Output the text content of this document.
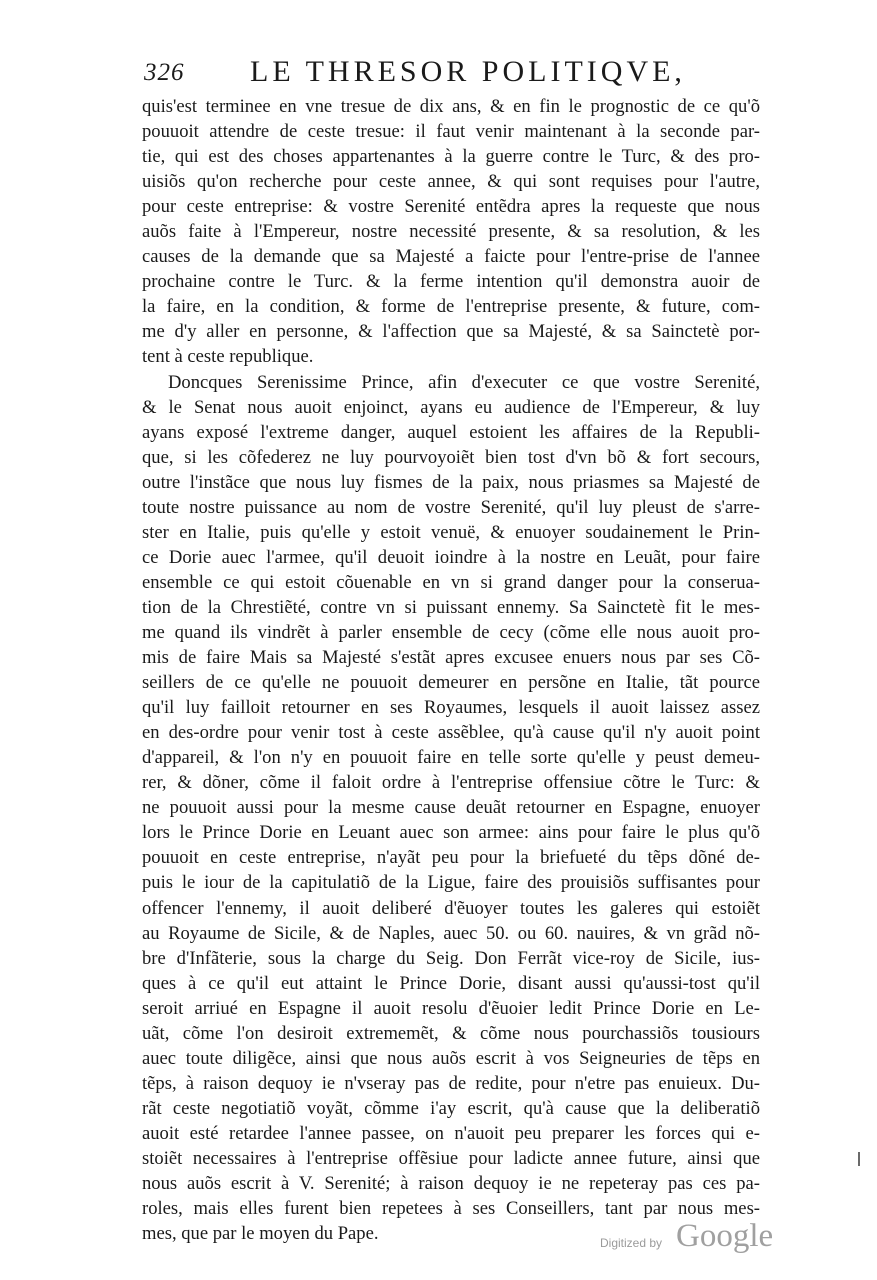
326 LE THRESOR POLITIQVE,
quis'est terminee en vne tresue de dix ans, & en fin le prognostic de ce qu'õ
pouuoit attendre de ceste tresue: il faut venir maintenant à la seconde par-
tie, qui est des choses appartenantes à la guerre contre le Turc, & des pro-
uisiõs qu'on recherche pour ceste annee, & qui sont requises pour l'autre,
pour ceste entreprise: & vostre Serenité entẽdra apres la requeste que nous
auõs faite à l'Empereur, nostre necessité presente, & sa resolution, & les
causes de la demande que sa Majesté a faicte pour l'entre-prise de l'annee
prochaine contre le Turc. & la ferme intention qu'il demonstra auoir de
la faire, en la condition, & forme de l'entreprise presente, & future, com-
me d'y aller en personne, & l'affection que sa Majesté, & sa Sainctetè por-
tent à ceste republique.
Doncques Serenissime Prince, afin d'executer ce que vostre Serenité,
& le Senat nous auoit enjoinct, ayans eu audience de l'Empereur, & luy
ayans exposé l'extreme danger, auquel estoient les affaires de la Republi-
que, si les cõfederez ne luy pourvoyoiẽt bien tost d'vn bõ & fort secours,
outre l'instãce que nous luy fismes de la paix, nous priasmes sa Majesté de
toute nostre puissance au nom de vostre Serenité, qu'il luy pleust de s'arre-
ster en Italie, puis qu'elle y estoit venuë, & enuoyer soudainement le Prin-
ce Dorie auec l'armee, qu'il deuoit ioindre à la nostre en Leuãt, pour faire
ensemble ce qui estoit cõuenable en vn si grand danger pour la conserua-
tion de la Chrestiẽté, contre vn si puissant ennemy. Sa Sainctetè fit le mes-
me quand ils vindrẽt à parler ensemble de cecy (cõme elle nous auoit pro-
mis de faire Mais sa Majesté s'estãt apres excusee enuers nous par ses Cõ-
seillers de ce qu'elle ne pouuoit demeurer en persõne en Italie, tãt pource
qu'il luy failloit retourner en ses Royaumes, lesquels il auoit laissez assez
en des-ordre pour venir tost à ceste assẽblee, qu'à cause qu'il n'y auoit point
d'appareil, & l'on n'y en pouuoit faire en telle sorte qu'elle y peust demeu-
rer, & dõner, cõme il faloit ordre à l'entreprise offensiue cõtre le Turc: &
ne pouuoit aussi pour la mesme cause deuãt retourner en Espagne, enuoyer
lors le Prince Dorie en Leuant auec son armee: ains pour faire le plus qu'õ
pouuoit en ceste entreprise, n'ayãt peu pour la briefueté du tẽps dõné de-
puis le iour de la capitulatiõ de la Ligue, faire des prouisiõs suffisantes pour
offencer l'ennemy, il auoit deliberé d'ẽuoyer toutes les galeres qui estoiẽt
au Royaume de Sicile, & de Naples, auec 50. ou 60. nauires, & vn grãd nõ-
bre d'Infãterie, sous la charge du Seig. Don Ferrãt vice-roy de Sicile, ius-
ques à ce qu'il eut attaint le Prince Dorie, disant aussi qu'aussi-tost qu'il
seroit arriué en Espagne il auoit resolu d'ẽuoier ledit Prince Dorie en Le-
uãt, cõme l'on desiroit extrememẽt, & cõme nous pourchassiõs tousiours
auec toute diligẽce, ainsi que nous auõs escrit à vos Seigneuries de tẽps en
tẽps, à raison dequoy ie n'vseray pas de redite, pour n'etre pas enuieux. Du-
rãt ceste negotiatiõ voyãt, cõmme i'ay escrit, qu'à cause que la deliberatiõ
auoit esté retardee l'annee passee, on n'auoit peu preparer les forces qui e-
stoiẽt necessaires à l'entreprise offẽsiue pour ladicte annee future, ainsi que
nous auõs escrit à V. Serenité; à raison dequoy ie ne repeteray pas ces pa-
roles, mais elles furent bien repetees à ses Conseillers, tant par nous mes-
mes, que par le moyen du Pape.	Digitized by Google
